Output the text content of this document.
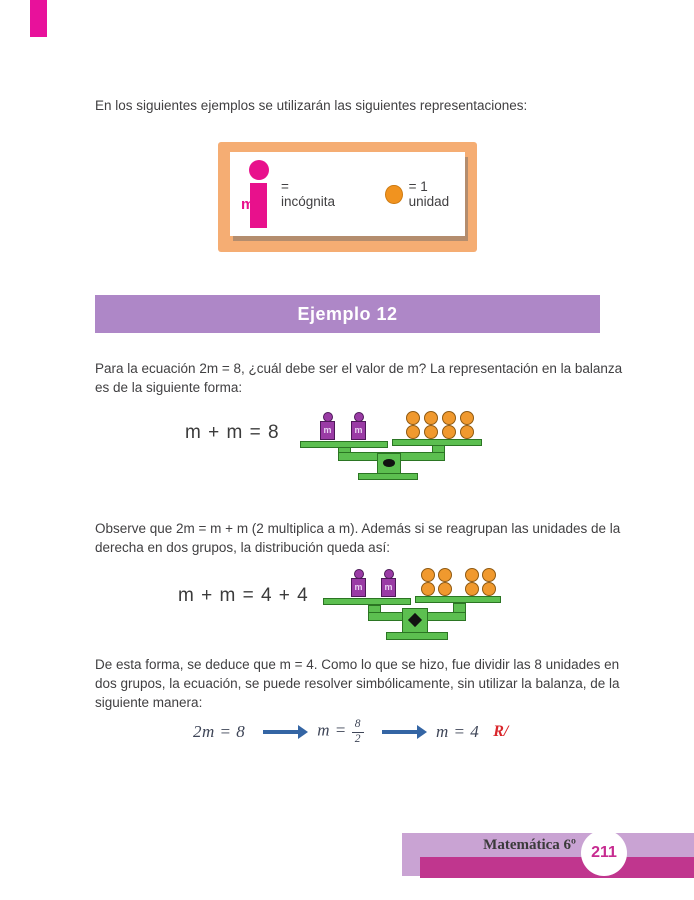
En los siguientes ejemplos se utilizarán las siguientes representaciones:
m
= incógnita
= 1 unidad
Ejemplo 12
Para la ecuación 2m = 8, ¿cuál debe ser el valor de m? La representación en la balanza es de la siguiente forma:
m + m = 8	m	m
Observe que 2m = m + m (2 multiplica a m). Además si se reagrupan las unidades de la derecha en dos grupos, la distribución queda así:
m + m = 4 + 4	m	m
De esta forma, se deduce que m = 4. Como lo que se hizo, fue dividir las 8 unidades en dos grupos, la ecuación, se puede resolver simbólicamente, sin utilizar la balanza, de la siguiente manera:
2m = 8	$m = \frac{8}{2}$	m = 4 R/
Matemática 6º 211
